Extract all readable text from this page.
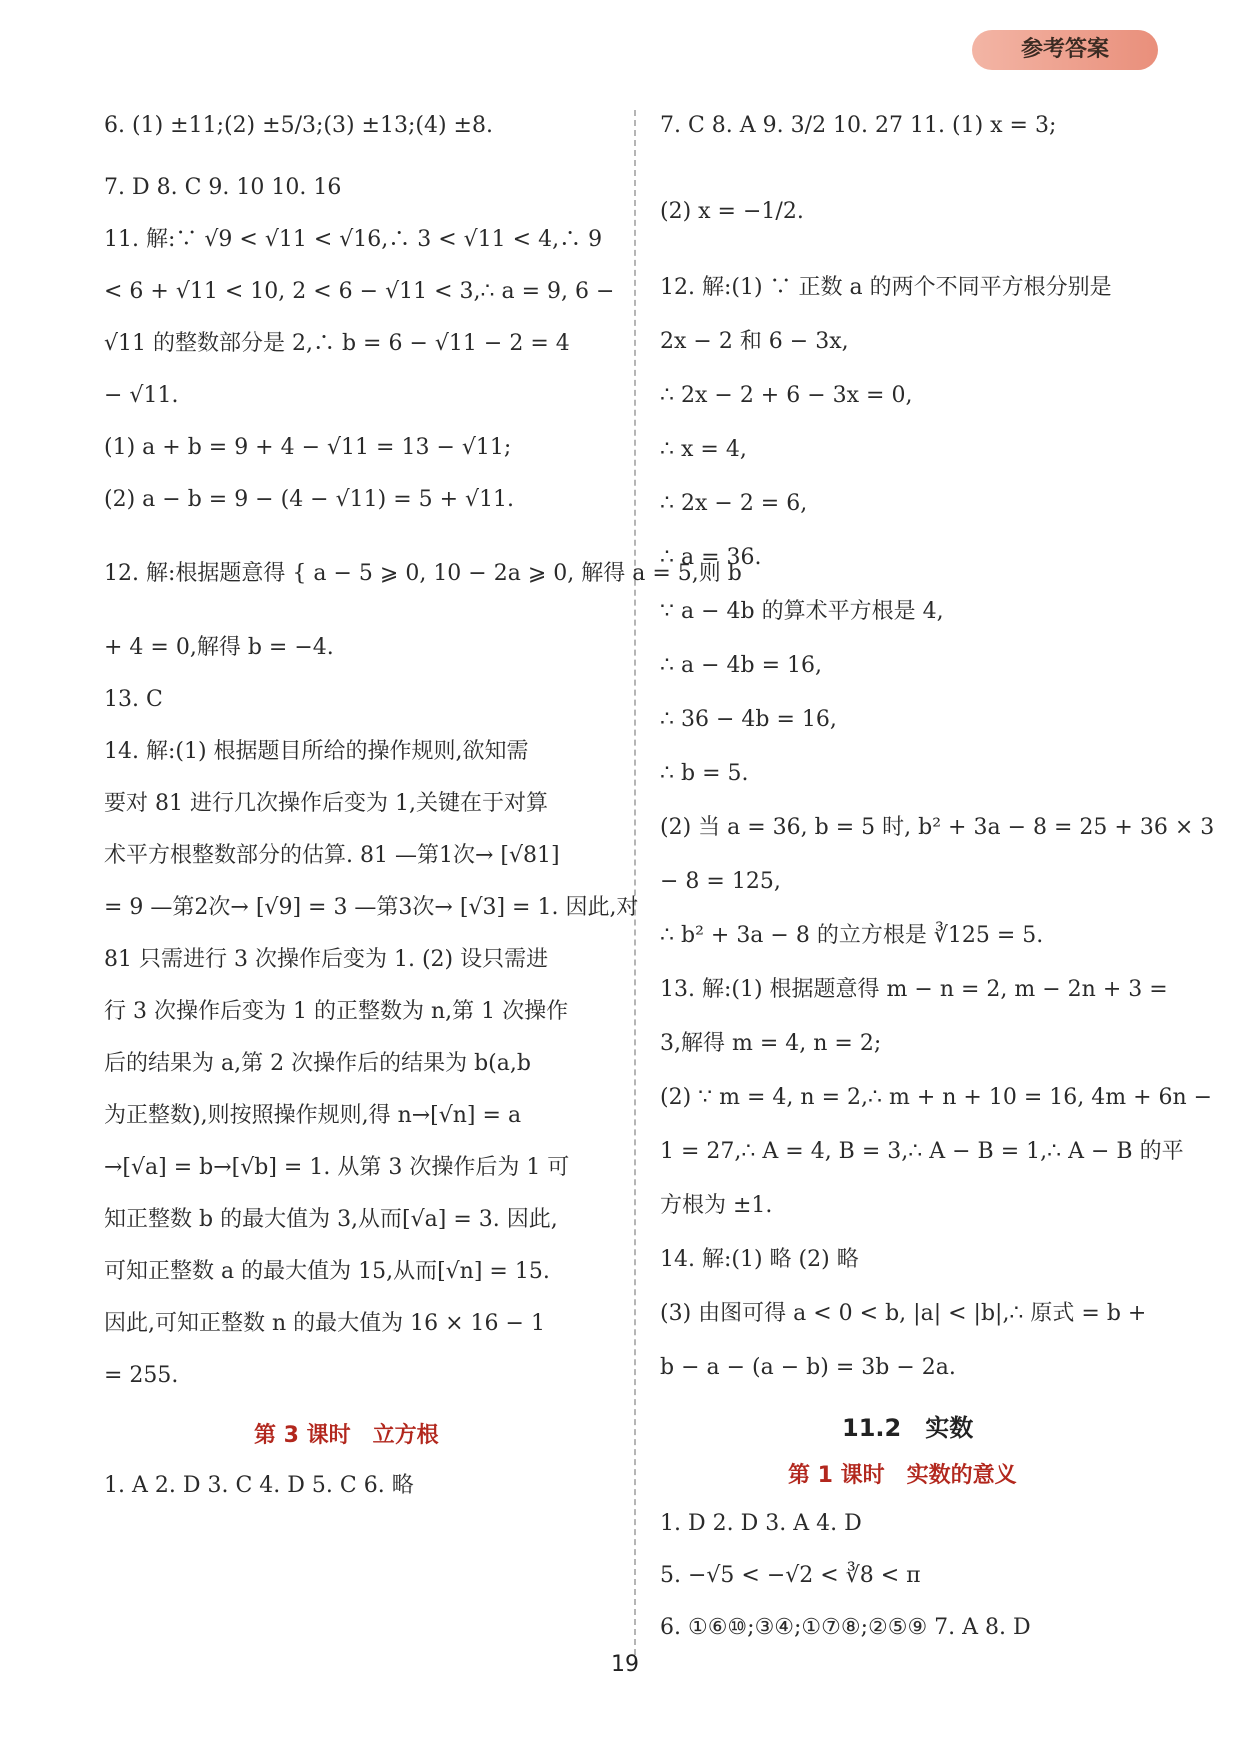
参考答案
6. (1) ±11;(2) ±5/3;(3) ±13;(4) ±8.
7. D 8. C 9. 10 10. 16
11. 解:∵ √9 < √11 < √16,∴ 3 < √11 < 4,∴ 9
< 6 + √11 < 10, 2 < 6 − √11 < 3,∴ a = 9, 6 −
√11 的整数部分是 2,∴ b = 6 − √11 − 2 = 4
− √11.
(1) a + b = 9 + 4 − √11 = 13 − √11;
(2) a − b = 9 − (4 − √11) = 5 + √11.
12. 解:根据题意得 { a − 5 ⩾ 0, 10 − 2a ⩾ 0, 解得 a = 5,则 b
+ 4 = 0,解得 b = −4.
13. C
14. 解:(1) 根据题目所给的操作规则,欲知需
要对 81 进行几次操作后变为 1,关键在于对算
术平方根整数部分的估算. 81 —第1次→ [√81]
= 9 —第2次→ [√9] = 3 —第3次→ [√3] = 1. 因此,对
81 只需进行 3 次操作后变为 1. (2) 设只需进
行 3 次操作后变为 1 的正整数为 n,第 1 次操作
后的结果为 a,第 2 次操作后的结果为 b(a,b
为正整数),则按照操作规则,得 n→[√n] = a
→[√a] = b→[√b] = 1. 从第 3 次操作后为 1 可
知正整数 b 的最大值为 3,从而[√a] = 3. 因此,
可知正整数 a 的最大值为 15,从而[√n] = 15.
因此,可知正整数 n 的最大值为 16 × 16 − 1
= 255.
第 3 课时　立方根
1. A 2. D 3. C 4. D 5. C 6. 略
7. C 8. A 9. 3/2 10. 27 11. (1) x = 3;
(2) x = −1/2.
12. 解:(1) ∵ 正数 a 的两个不同平方根分别是
2x − 2 和 6 − 3x,
∴ 2x − 2 + 6 − 3x = 0,
∴ x = 4,
∴ 2x − 2 = 6,
∴ a = 36.
∵ a − 4b 的算术平方根是 4,
∴ a − 4b = 16,
∴ 36 − 4b = 16,
∴ b = 5.
(2) 当 a = 36, b = 5 时, b² + 3a − 8 = 25 + 36 × 3
− 8 = 125,
∴ b² + 3a − 8 的立方根是 ∛125 = 5.
13. 解:(1) 根据题意得 m − n = 2, m − 2n + 3 =
3,解得 m = 4, n = 2;
(2) ∵ m = 4, n = 2,∴ m + n + 10 = 16, 4m + 6n −
1 = 27,∴ A = 4, B = 3,∴ A − B = 1,∴ A − B 的平
方根为 ±1.
14. 解:(1) 略 (2) 略
(3) 由图可得 a < 0 < b, |a| < |b|,∴ 原式 = b +
b − a − (a − b) = 3b − 2a.
11.2　实数
第 1 课时　实数的意义
1. D 2. D 3. A 4. D
5. −√5 < −√2 < ∛8 < π
6. ①⑥⑩;③④;①⑦⑧;②⑤⑨ 7. A 8. D
19
